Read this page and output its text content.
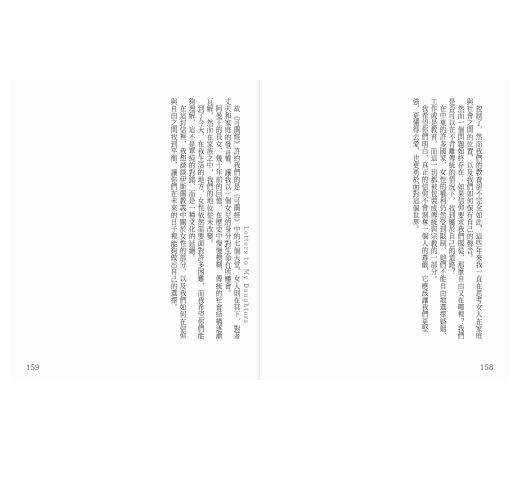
故《可蘭經》許約我們的是《可蘭經》中的七個天堂，女人則在其下，對著丈夫和家庭的發言權，讓我以一個女兒的身分對生命有所體會。

阿曼王的長女，幾十年前的回憶，在歷史中慢慢模糊，傳統的社會結構逐漸瓦解，然而在家族之中，我們的地位從未改變。

到了今天，在我生活的地方，女性依然需要面對許多困難，而我希望你們能夠理解，這不是單純的對錯，而是一種文化的延續。

在這封信裡，我想談談伊斯蘭教義中關於女性的部分，以及我們如何在信仰與自由之間找到平衡，讓你們在未來的日子裡能夠做出自己的選擇。	Letters to My Daughters
159

控制了，然而我們的教養卻不完全如此，這些年來我一直在思考女人在家庭與社會之間的位置，以及我們如何保有自己的聲音。

然而一個問題始終存在：如果信仰要求我們服從，那麼自由又在哪裡？我們是否可以在不背離傳統的情況下，找到屬於自己的道路？

在中東的許多國家，女性的權利仍然受到限制，她們不能自由地選擇婚姻、工作或是教育，而這一切都被包裝成傳統與宗教的一部分。

我希望你們明白，真正的信仰不會剝奪一個人的尊嚴，它應該讓我們更堅強，更懂得去愛，也更勇於面對這個世界。

158
